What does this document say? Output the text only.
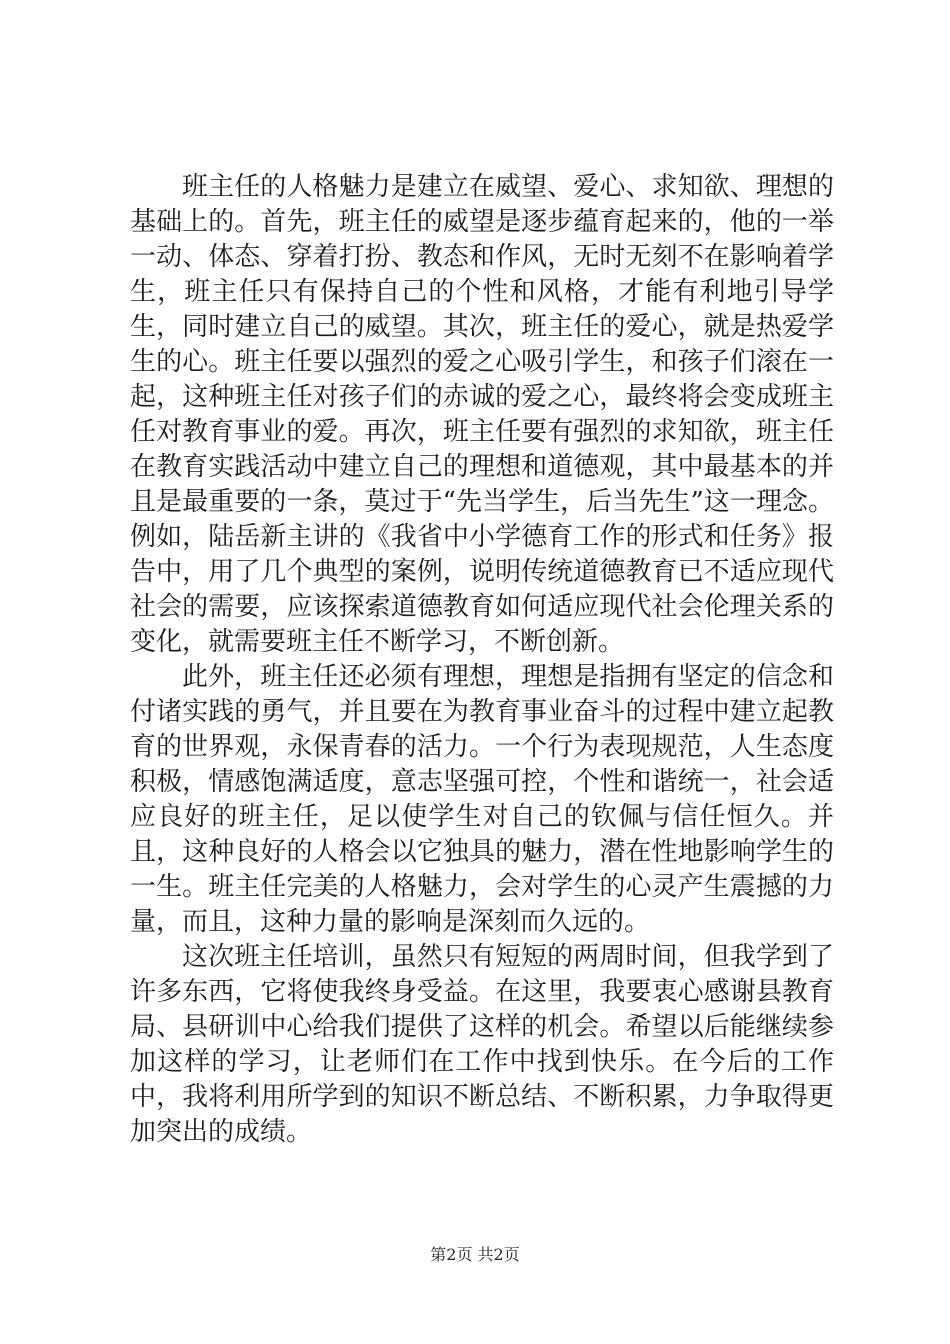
班主任的人格魅力是建立在威望、爱心、求知欲、理想的基础上的。首先，班主任的威望是逐步蕴育起来的，他的一举一动、体态、穿着打扮、教态和作风，无时无刻不在影响着学生，班主任只有保持自己的个性和风格，才能有利地引导学生，同时建立自己的威望。其次，班主任的爱心，就是热爱学生的心。班主任要以强烈的爱之心吸引学生，和孩子们滚在一起，这种班主任对孩子们的赤诚的爱之心，最终将会变成班主任对教育事业的爱。再次，班主任要有强烈的求知欲，班主任在教育实践活动中建立自己的理想和道德观，其中最基本的并且是最重要的一条，莫过于“先当学生，后当先生”这一理念。例如，陆岳新主讲的《我省中小学德育工作的形式和任务》报告中，用了几个典型的案例，说明传统道德教育已不适应现代社会的需要，应该探索道德教育如何适应现代社会伦理关系的变化，就需要班主任不断学习，不断创新。

此外，班主任还必须有理想，理想是指拥有坚定的信念和付诸实践的勇气，并且要在为教育事业奋斗的过程中建立起教育的世界观，永保青春的活力。一个行为表现规范，人生态度积极，情感饱满适度，意志坚强可控，个性和谐统一，社会适应良好的班主任，足以使学生对自己的钦佩与信任恒久。并且，这种良好的人格会以它独具的魅力，潜在性地影响学生的一生。班主任完美的人格魅力，会对学生的心灵产生震撼的力量，而且，这种力量的影响是深刻而久远的。

这次班主任培训，虽然只有短短的两周时间，但我学到了许多东西，它将使我终身受益。在这里，我要衷心感谢县教育局、县研训中心给我们提供了这样的机会。希望以后能继续参加这样的学习，让老师们在工作中找到快乐。在今后的工作中，我将利用所学到的知识不断总结、不断积累，力争取得更加突出的成绩。

第2页 共2页
